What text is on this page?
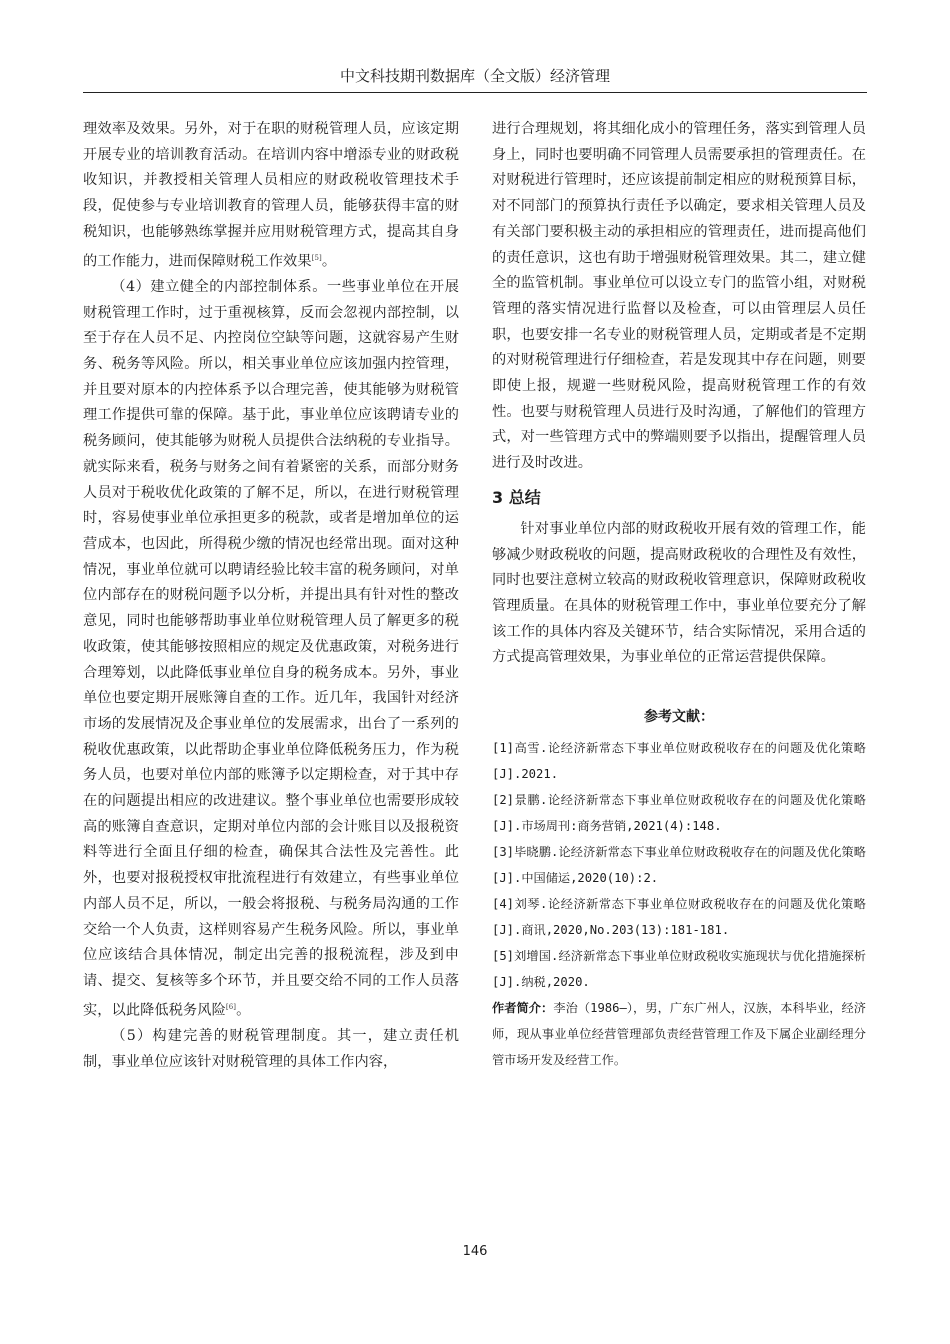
中文科技期刊数据库（全文版）经济管理

理效率及效果。另外，对于在职的财税管理人员，应该定期开展专业的培训教育活动。在培训内容中增添专业的财政税收知识，并教授相关管理人员相应的财政税收管理技术手段，促使参与专业培训教育的管理人员，能够获得丰富的财税知识，也能够熟练掌握并应用财税管理方式，提高其自身的工作能力，进而保障财税工作效果[5]。

（4）建立健全的内部控制体系。一些事业单位在开展财税管理工作时，过于重视核算，反而会忽视内部控制，以至于存在人员不足、内控岗位空缺等问题，这就容易产生财务、税务等风险。所以，相关事业单位应该加强内控管理，并且要对原本的内控体系予以合理完善，使其能够为财税管理工作提供可靠的保障。基于此，事业单位应该聘请专业的税务顾问，使其能够为财税人员提供合法纳税的专业指导。就实际来看，税务与财务之间有着紧密的关系，而部分财务人员对于税收优化政策的了解不足，所以，在进行财税管理时，容易使事业单位承担更多的税款，或者是增加单位的运营成本，也因此，所得税少缴的情况也经常出现。面对这种情况，事业单位就可以聘请经验比较丰富的税务顾问，对单位内部存在的财税问题予以分析，并提出具有针对性的整改意见，同时也能够帮助事业单位财税管理人员了解更多的税收政策，使其能够按照相应的规定及优惠政策，对税务进行合理筹划，以此降低事业单位自身的税务成本。另外，事业单位也要定期开展账簿自查的工作。近几年，我国针对经济市场的发展情况及企事业单位的发展需求，出台了一系列的税收优惠政策，以此帮助企事业单位降低税务压力，作为税务人员，也要对单位内部的账簿予以定期检查，对于其中存在的问题提出相应的改进建议。整个事业单位也需要形成较高的账簿自查意识，定期对单位内部的会计账目以及报税资料等进行全面且仔细的检查，确保其合法性及完善性。此外，也要对报税授权审批流程进行有效建立，有些事业单位内部人员不足，所以，一般会将报税、与税务局沟通的工作交给一个人负责，这样则容易产生税务风险。所以，事业单位应该结合具体情况，制定出完善的报税流程，涉及到申请、提交、复核等多个环节，并且要交给不同的工作人员落实，以此降低税务风险[6]。

（5）构建完善的财税管理制度。其一，建立责任机制，事业单位应该针对财税管理的具体工作内容，

进行合理规划，将其细化成小的管理任务，落实到管理人员身上，同时也要明确不同管理人员需要承担的管理责任。在对财税进行管理时，还应该提前制定相应的财税预算目标，对不同部门的预算执行责任予以确定，要求相关管理人员及有关部门要积极主动的承担相应的管理责任，进而提高他们的责任意识，这也有助于增强财税管理效果。其二，建立健全的监管机制。事业单位可以设立专门的监管小组，对财税管理的落实情况进行监督以及检查，可以由管理层人员任职，也要安排一名专业的财税管理人员，定期或者是不定期的对财税管理进行仔细检查，若是发现其中存在问题，则要即使上报，规避一些财税风险，提高财税管理工作的有效性。也要与财税管理人员进行及时沟通，了解他们的管理方式，对一些管理方式中的弊端则要予以指出，提醒管理人员进行及时改进。

3 总结

针对事业单位内部的财政税收开展有效的管理工作，能够减少财政税收的问题，提高财政税收的合理性及有效性，同时也要注意树立较高的财政税收管理意识，保障财政税收管理质量。在具体的财税管理工作中，事业单位要充分了解该工作的具体内容及关键环节，结合实际情况，采用合适的方式提高管理效果，为事业单位的正常运营提供保障。

参考文献：

[1]高雪.论经济新常态下事业单位财政税收存在的问题及优化策略[J].2021.

[2]景鹏.论经济新常态下事业单位财政税收存在的问题及优化策略[J].市场周刊:商务营销,2021(4):148.

[3]毕晓鹏.论经济新常态下事业单位财政税收存在的问题及优化策略[J].中国储运,2020(10):2.

[4]刘琴.论经济新常态下事业单位财政税收存在的问题及优化策略[J].商讯,2020,No.203(13):181-181.

[5]刘增国.经济新常态下事业单位财政税收实施现状与优化措施探析[J].纳税,2020.

作者简介：李治（1986—），男，广东广州人，汉族，本科毕业，经济师，现从事业单位经营管理部负责经营管理工作及下属企业副经理分管市场开发及经营工作。

146
